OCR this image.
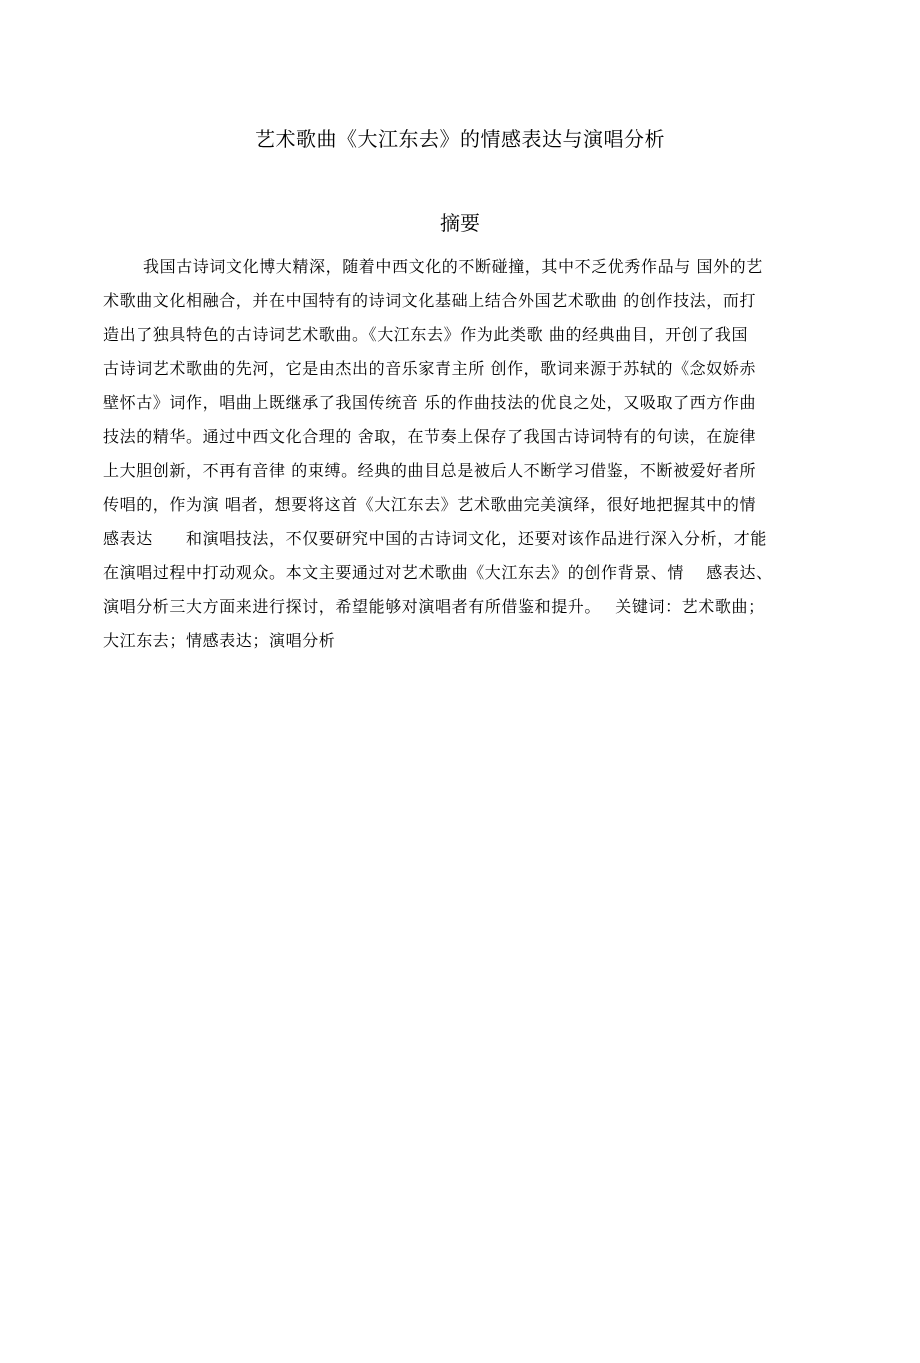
艺术歌曲《大江东去》的情感表达与演唱分析
摘要
我国古诗词文化博大精深，随着中西文化的不断碰撞，其中不乏优秀作品与 国外的艺
术歌曲文化相融合，并在中国特有的诗词文化基础上结合外国艺术歌曲 的创作技法，而打
造出了独具特色的古诗词艺术歌曲。《大江东去》作为此类歌 曲的经典曲目，开创了我国
古诗词艺术歌曲的先河，它是由杰出的音乐家青主所 创作，歌词来源于苏轼的《念奴娇赤
壁怀古》词作，唱曲上既继承了我国传统音 乐的作曲技法的优良之处，又吸取了西方作曲
技法的精华。通过中西文化合理的 舍取，在节奏上保存了我国古诗词特有的句读，在旋律
上大胆创新，不再有音律 的束缚。经典的曲目总是被后人不断学习借鉴，不断被爱好者所
传唱的，作为演 唱者，想要将这首《大江东去》艺术歌曲完美演绎，很好地把握其中的情
感表达　　和演唱技法，不仅要研究中国的古诗词文化，还要对该作品进行深入分析，才能
在演唱过程中打动观众。本文主要通过对艺术歌曲《大江东去》的创作背景、情　 感表达、
演唱分析三大方面来进行探讨，希望能够对演唱者有所借鉴和提升。　 关键词：艺术歌曲；
大江东去；情感表达；演唱分析
